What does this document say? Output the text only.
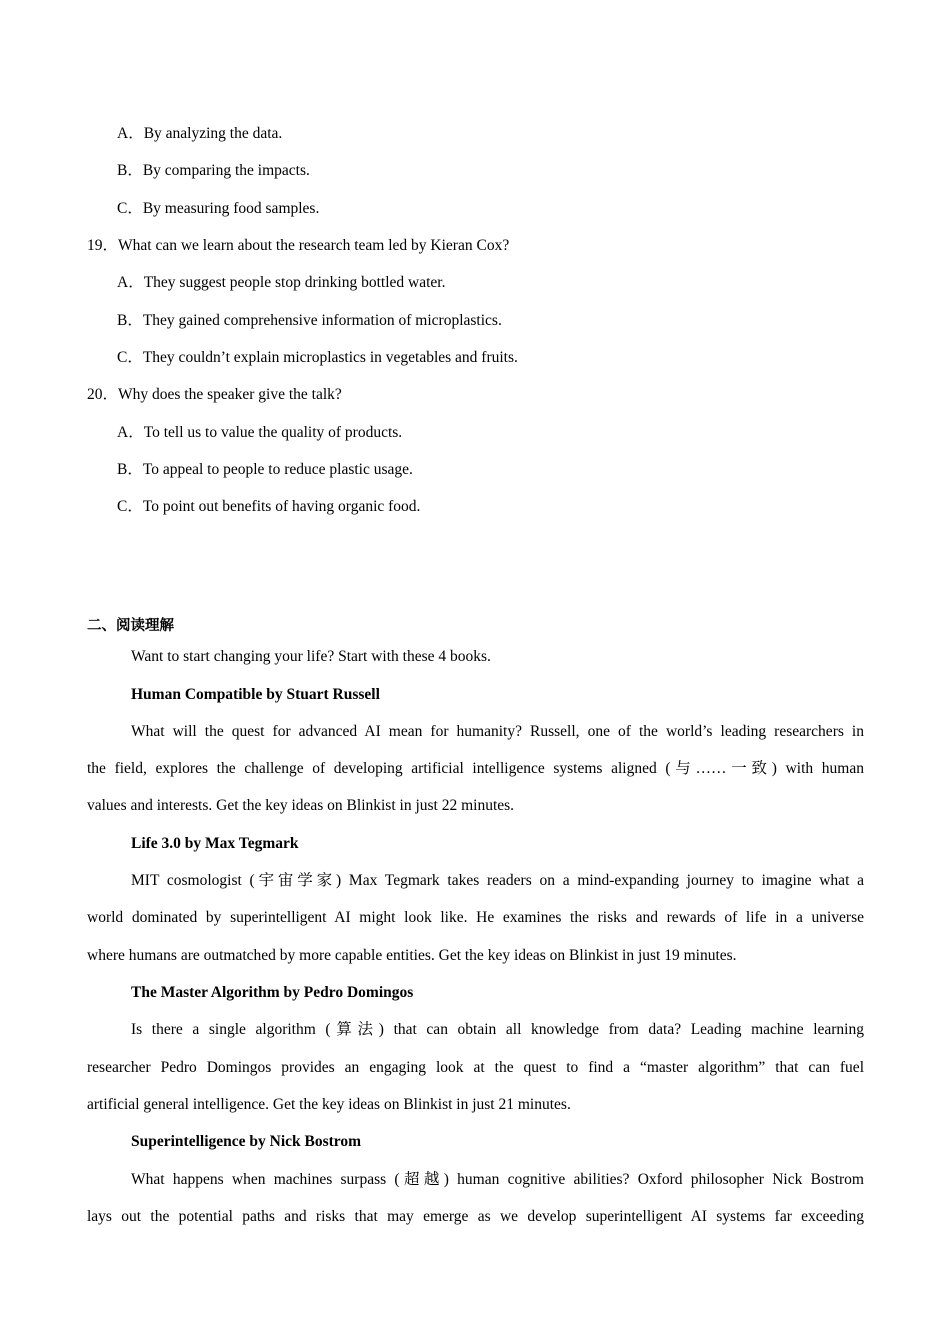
A．By analyzing the data.
B．By comparing the impacts.
C．By measuring food samples.
19．What can we learn about the research team led by Kieran Cox?
A．They suggest people stop drinking bottled water.
B．They gained comprehensive information of microplastics.
C．They couldn’t explain microplastics in vegetables and fruits.
20．Why does the speaker give the talk?
A．To tell us to value the quality of products.
B．To appeal to people to reduce plastic usage.
C．To point out benefits of having organic food.
二、阅读理解
Want to start changing your life? Start with these 4 books.
Human Compatible by Stuart Russell
What will the quest for advanced AI mean for humanity? Russell, one of the world’s leading researchers in
the field, explores the challenge of developing artificial intelligence systems aligned (与……一致) with human
values and interests. Get the key ideas on Blinkist in just 22 minutes.
Life 3.0 by Max Tegmark
MIT cosmologist (宇宙学家) Max Tegmark takes readers on a mind-expanding journey to imagine what a
world dominated by superintelligent AI might look like. He examines the risks and rewards of life in a universe
where humans are outmatched by more capable entities. Get the key ideas on Blinkist in just 19 minutes.
The Master Algorithm by Pedro Domingos
Is there a single algorithm (算法) that can obtain all knowledge from data? Leading machine learning
researcher Pedro Domingos provides an engaging look at the quest to find a “master algorithm” that can fuel
artificial general intelligence. Get the key ideas on Blinkist in just 21 minutes.
Superintelligence by Nick Bostrom
What happens when machines surpass (超越) human cognitive abilities? Oxford philosopher Nick Bostrom
lays out the potential paths and risks that may emerge as we develop superintelligent AI systems far exceeding
